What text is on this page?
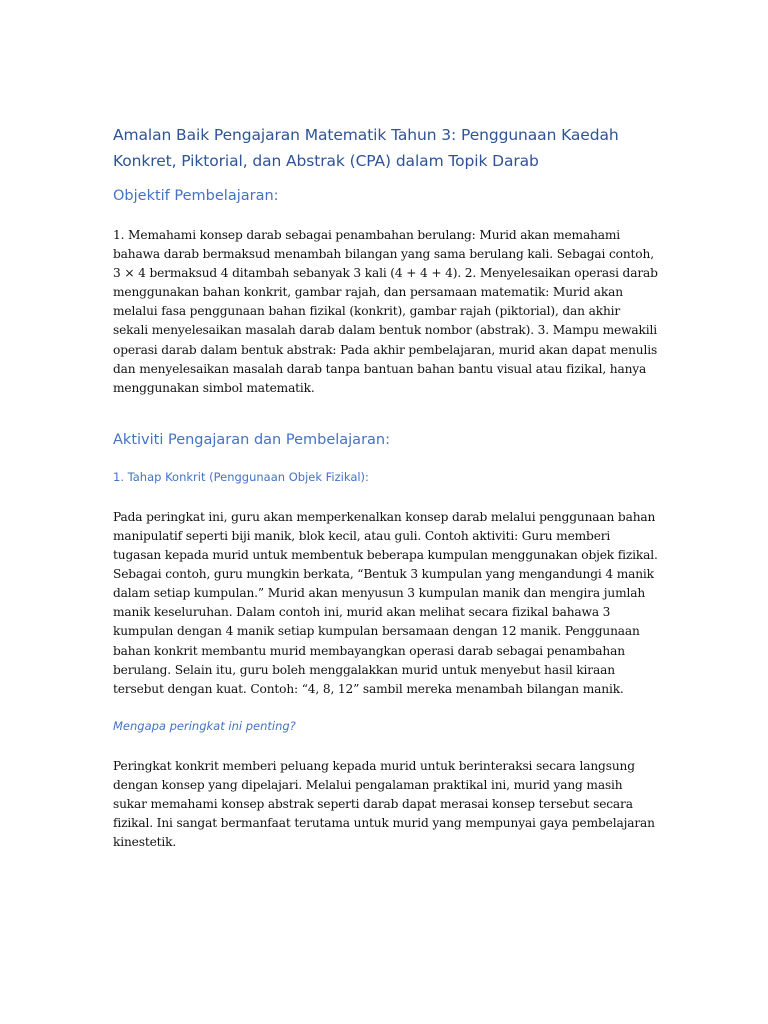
Amalan Baik Pengajaran Matematik Tahun 3: Penggunaan Kaedah Konkret, Piktorial, dan Abstrak (CPA) dalam Topik Darab
Objektif Pembelajaran:

1. Memahami konsep darab sebagai penambahan berulang: Murid akan memahami bahawa darab bermaksud menambah bilangan yang sama berulang kali. Sebagai contoh, 3 × 4 bermaksud 4 ditambah sebanyak 3 kali (4 + 4 + 4). 2. Menyelesaikan operasi darab menggunakan bahan konkrit, gambar rajah, dan persamaan matematik: Murid akan melalui fasa penggunaan bahan fizikal (konkrit), gambar rajah (piktorial), dan akhir sekali menyelesaikan masalah darab dalam bentuk nombor (abstrak). 3. Mampu mewakili operasi darab dalam bentuk abstrak: Pada akhir pembelajaran, murid akan dapat menulis dan menyelesaikan masalah darab tanpa bantuan bahan bantu visual atau fizikal, hanya menggunakan simbol matematik.

Aktiviti Pengajaran dan Pembelajaran:
1. Tahap Konkrit (Penggunaan Objek Fizikal):

Pada peringkat ini, guru akan memperkenalkan konsep darab melalui penggunaan bahan manipulatif seperti biji manik, blok kecil, atau guli. Contoh aktiviti: Guru memberi tugasan kepada murid untuk membentuk beberapa kumpulan menggunakan objek fizikal. Sebagai contoh, guru mungkin berkata, “Bentuk 3 kumpulan yang mengandungi 4 manik dalam setiap kumpulan.” Murid akan menyusun 3 kumpulan manik dan mengira jumlah manik keseluruhan. Dalam contoh ini, murid akan melihat secara fizikal bahawa 3 kumpulan dengan 4 manik setiap kumpulan bersamaan dengan 12 manik. Penggunaan bahan konkrit membantu murid membayangkan operasi darab sebagai penambahan berulang. Selain itu, guru boleh menggalakkan murid untuk menyebut hasil kiraan tersebut dengan kuat. Contoh: “4, 8, 12” sambil mereka menambah bilangan manik.

Mengapa peringkat ini penting?

Peringkat konkrit memberi peluang kepada murid untuk berinteraksi secara langsung dengan konsep yang dipelajari. Melalui pengalaman praktikal ini, murid yang masih sukar memahami konsep abstrak seperti darab dapat merasai konsep tersebut secara fizikal. Ini sangat bermanfaat terutama untuk murid yang mempunyai gaya pembelajaran kinestetik.
